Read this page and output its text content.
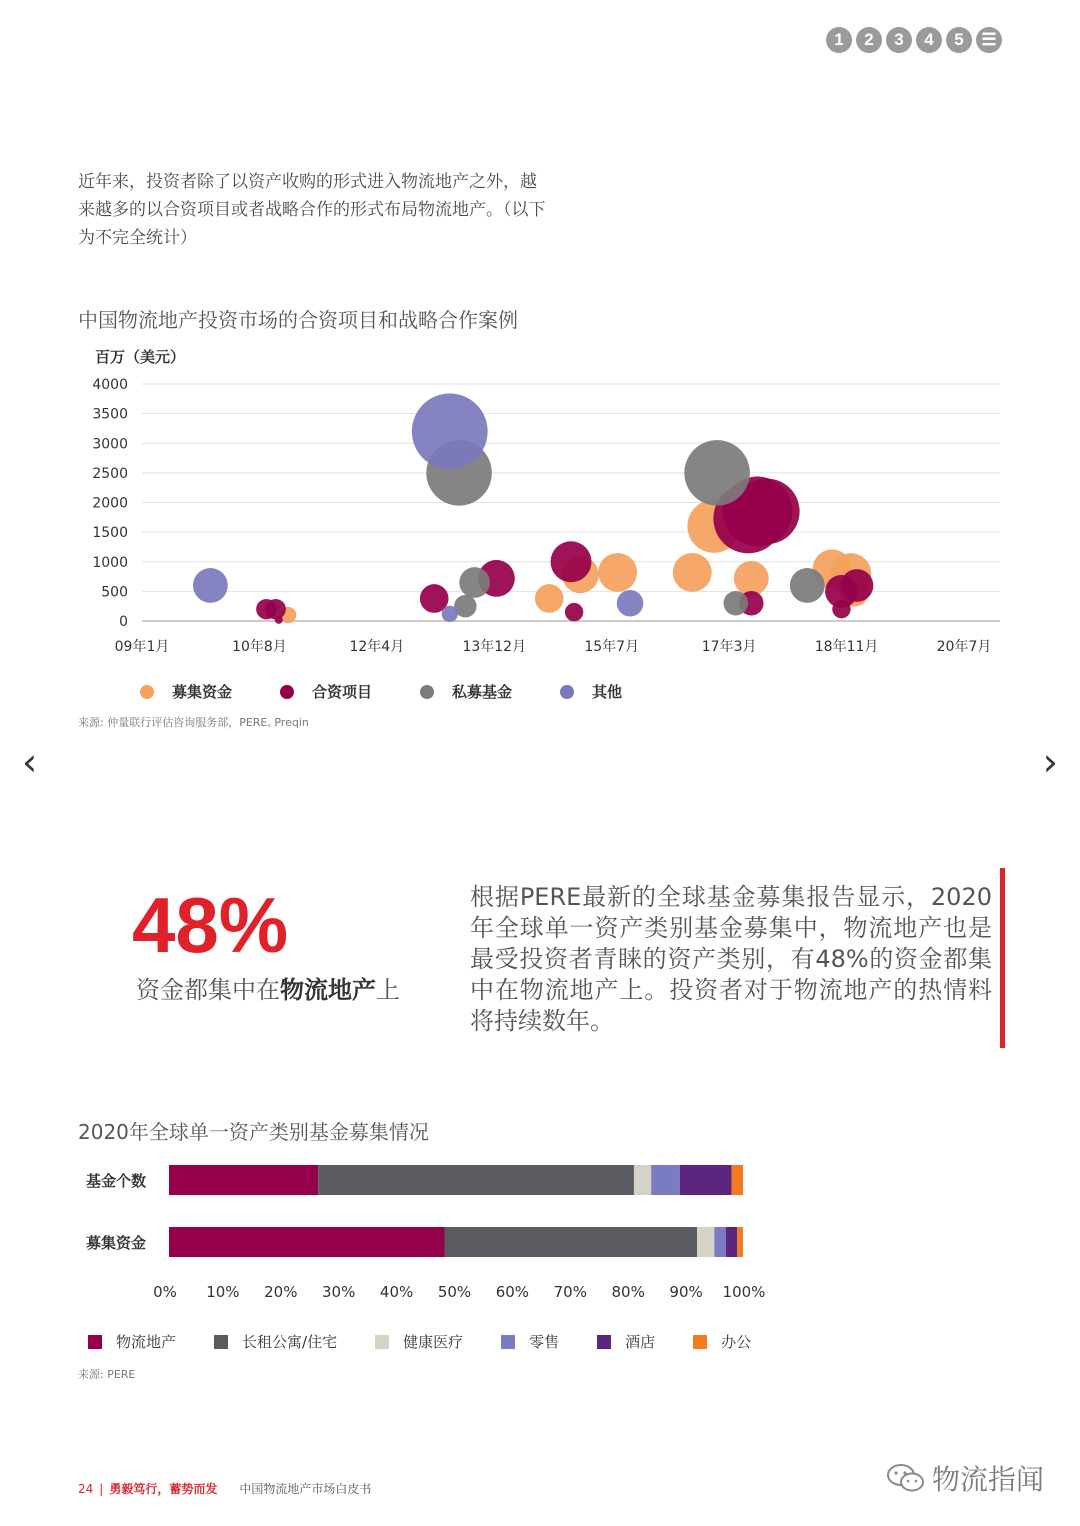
1	2	3	4	5	☰
近年来，投资者除了以资产收购的形式进入物流地产之外，越来越多的以合资项目或者战略合作的形式布局物流地产。（以下为不完全统计）
中国物流地产投资市场的合资项目和战略合作案例
百万（美元）
0
500
1000
1500
2000
2500
3000
3500
4000
09年1月	10年8月	12年4月	13年12月	15年7月	17年3月	18年11月	20年7月
募集资金	合资项目	私募基金	其他
来源: 仲量联行评估咨询服务部，PERE, Preqin
‹	›
48%
资金都集中在物流地产上
根据PERE最新的全球基金募集报告显示，2020年全球单一资产类别基金募集中，物流地产也是最受投资者青睐的资产类别，有48%的资金都集中在物流地产上。投资者对于物流地产的热情料将持续数年。
2020年全球单一资产类别基金募集情况
基金个数
募集资金
0% 10% 20% 30% 40% 50% 60% 70% 80% 90% 100%
物流地产	长租公寓/住宅	健康医疗	零售	酒店	办公
来源: PERE
24 | 勇毅笃行，蓄势而发 中国物流地产市场白皮书	物流指闻
